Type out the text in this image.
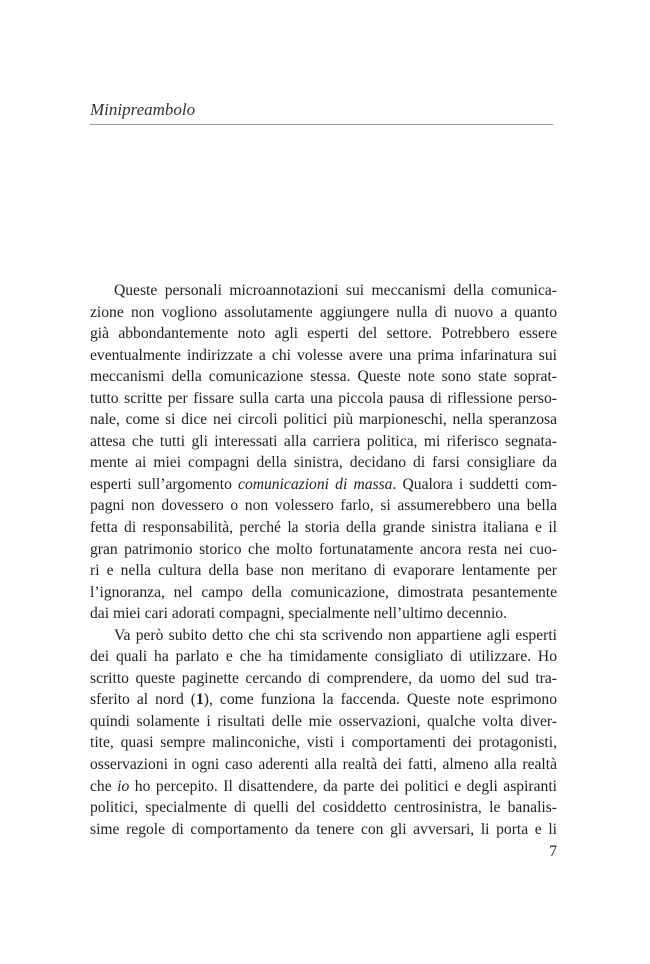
Minipreambolo
Queste personali microannotazioni sui meccanismi della comunica-
zione non vogliono assolutamente aggiungere nulla di nuovo a quanto
già abbondantemente noto agli esperti del settore. Potrebbero essere
eventualmente indirizzate a chi volesse avere una prima infarinatura sui
meccanismi della comunicazione stessa. Queste note sono state soprat-
tutto scritte per fissare sulla carta una piccola pausa di riflessione perso-
nale, come si dice nei circoli politici più marpioneschi, nella speranzosa
attesa che tutti gli interessati alla carriera politica, mi riferisco segnata-
mente ai miei compagni della sinistra, decidano di farsi consigliare da
esperti sull’argomento comunicazioni di massa. Qualora i suddetti com-
pagni non dovessero o non volessero farlo, si assumerebbero una bella
fetta di responsabilità, perché la storia della grande sinistra italiana e il
gran patrimonio storico che molto fortunatamente ancora resta nei cuo-
ri e nella cultura della base non meritano di evaporare lentamente per
l’ignoranza, nel campo della comunicazione, dimostrata pesantemente
dai miei cari adorati compagni, specialmente nell’ultimo decennio.
Va però subito detto che chi sta scrivendo non appartiene agli esperti
dei quali ha parlato e che ha timidamente consigliato di utilizzare. Ho
scritto queste paginette cercando di comprendere, da uomo del sud tra-
sferito al nord (1), come funziona la faccenda. Queste note esprimono
quindi solamente i risultati delle mie osservazioni, qualche volta diver-
tite, quasi sempre malinconiche, visti i comportamenti dei protagonisti,
osservazioni in ogni caso aderenti alla realtà dei fatti, almeno alla realtà
che io ho percepito. Il disattendere, da parte dei politici e degli aspiranti
politici, specialmente di quelli del cosiddetto centrosinistra, le banalis-
sime regole di comportamento da tenere con gli avversari, li porta e li
7
